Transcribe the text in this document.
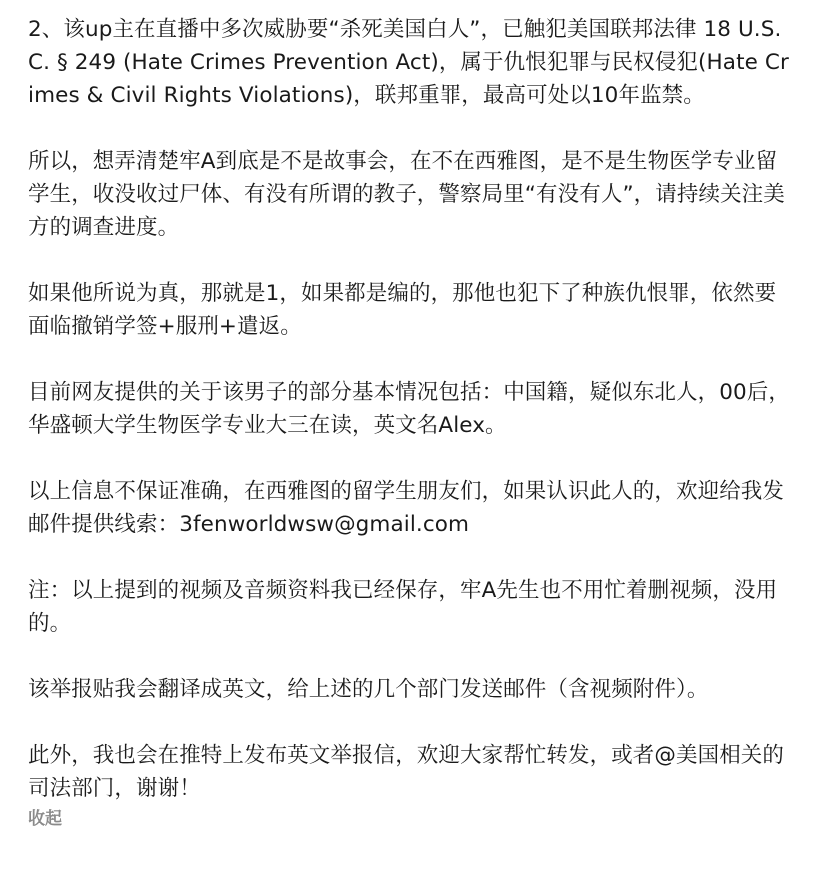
2、该up主在直播中多次威胁要“杀死美国白人”，已触犯美国联邦法律 18 U.S.C. § 249 (Hate Crimes Prevention Act)，属于仇恨犯罪与民权侵犯(Hate Crimes & Civil Rights Violations)，联邦重罪，最高可处以10年监禁。

所以，想弄清楚牢A到底是不是故事会，在不在西雅图，是不是生物医学专业留学生，收没收过尸体、有没有所谓的教子，警察局里“有没有人”，请持续关注美方的调查进度。

如果他所说为真，那就是1，如果都是编的，那他也犯下了种族仇恨罪，依然要面临撤销学签+服刑+遣返。

目前网友提供的关于该男子的部分基本情况包括：中国籍，疑似东北人，00后，华盛顿大学生物医学专业大三在读，英文名Alex。

以上信息不保证准确，在西雅图的留学生朋友们，如果认识此人的，欢迎给我发邮件提供线索：3fenworldwsw@gmail.com

注：以上提到的视频及音频资料我已经保存，牢A先生也不用忙着删视频，没用的。

该举报贴我会翻译成英文，给上述的几个部门发送邮件（含视频附件）。

此外，我也会在推特上发布英文举报信，欢迎大家帮忙转发，或者@美国相关的司法部门，谢谢！

收起
